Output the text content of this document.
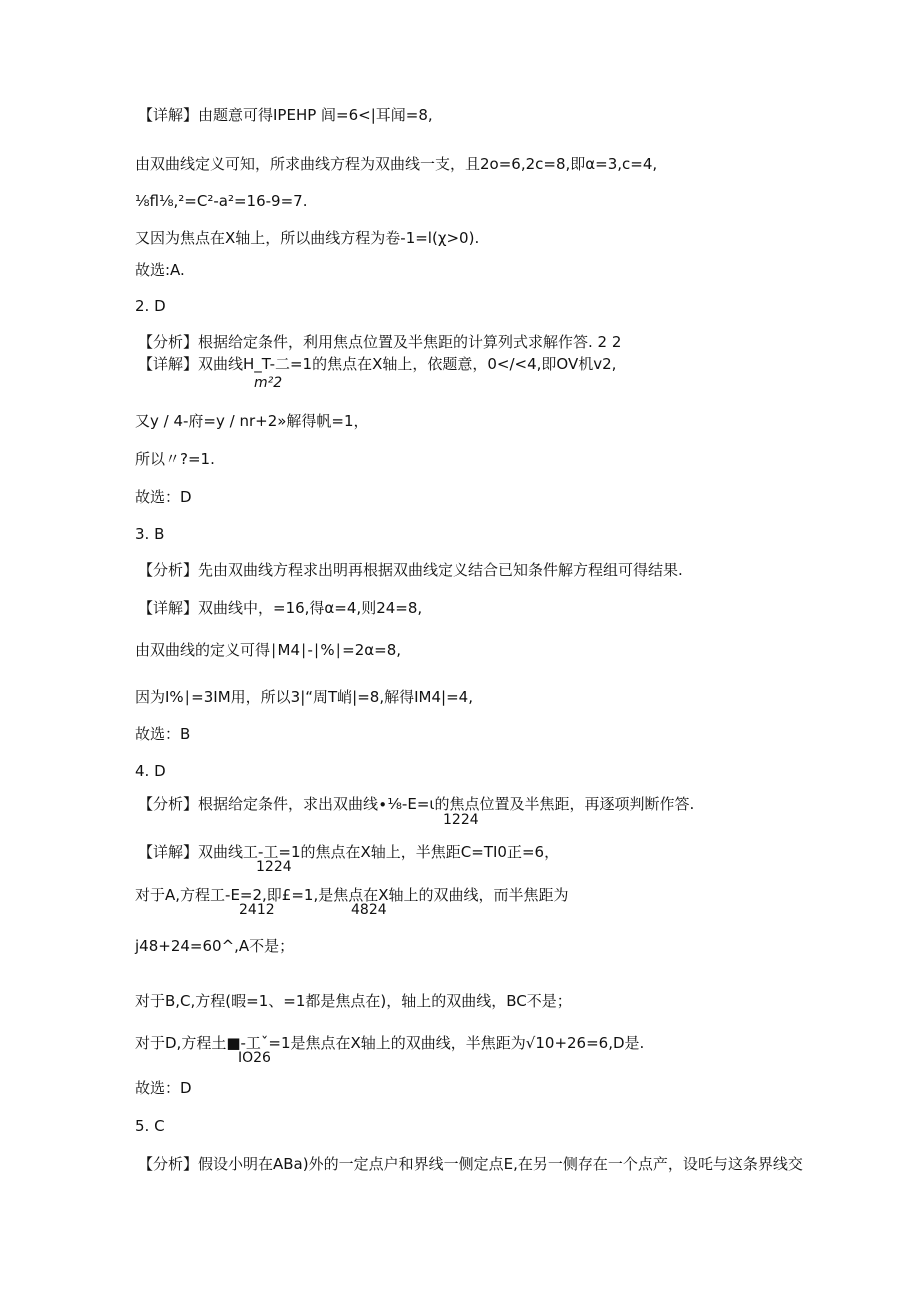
【详解】由题意可得IPEHP 闾=6<|耳闻=8,
由双曲线定义可知，所求曲线方程为双曲线一支，且2o=6,2c=8,即α=3,c=4,
⅛fl⅛,²=C²-a²=16-9=7.
又因为焦点在X轴上，所以曲线方程为卷-1=l(χ>0).
故选:A.
2. D
【分析】根据给定条件，利用焦点位置及半焦距的计算列式求解作答. 2 2
【详解】双曲线H_T-二=1的焦点在X轴上，依题意，0</<4,即OV机v2,
m²2
又y / 4-府=y / nr+2»解得帆=1，
所以〃?=1.
故选：D
3. B
【分析】先由双曲线方程求出明再根据双曲线定义结合已知条件解方程组可得结果.
【详解】双曲线中，=16,得α=4,则24=8,
由双曲线的定义可得∣M4∣-∣%∣=2α=8,
因为I%∣=3IM用，所以3|“周T峭|=8,解得IM4|=4,
故选：B
4. D
【分析】根据给定条件，求出双曲线∙⅛-E=ι的焦点位置及半焦距，再逐项判断作答.
1224
【详解】双曲线工-工=1的焦点在X轴上，半焦距C=TI0正=6，
1224
对于A,方程工-E=2,即£=1,是焦点在X轴上的双曲线，而半焦距为
2412	4824
j48+24=60^,A不是；
对于B,C,方程(暇=1、=1都是焦点在)，轴上的双曲线，BC不是；
对于D,方程土■-工ˇ=1是焦点在X轴上的双曲线，半焦距为√10+26=6,D是.
IO26
故选：D
5. C
【分析】假设小明在ABa)外的一定点户和界线一侧定点E,在另一侧存在一个点产，设吒与这条界线交
